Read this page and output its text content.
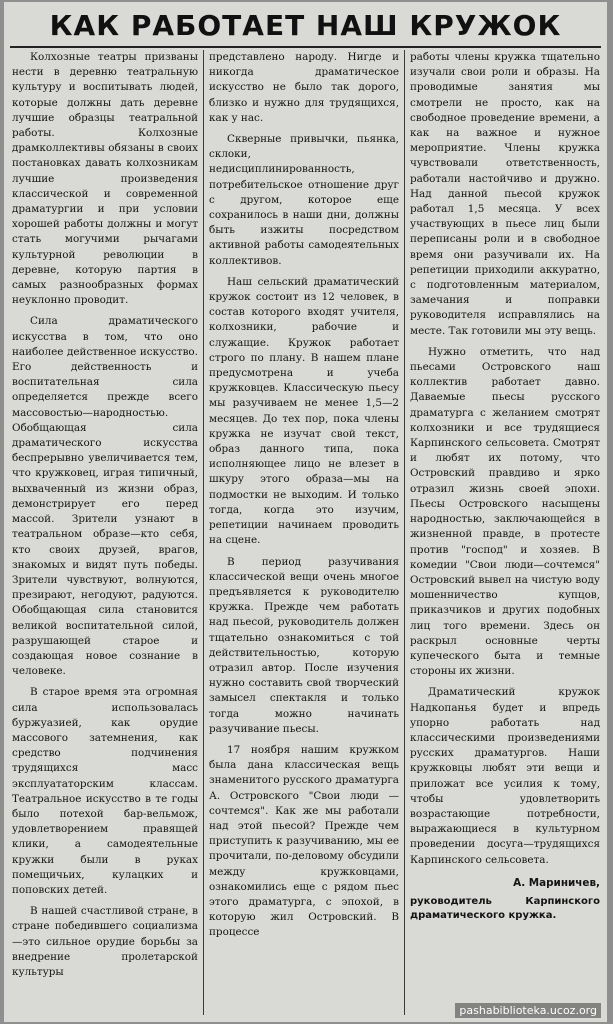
КАК РАБОТАЕТ НАШ КРУЖОК

Колхозные театры призваны нести в деревню театральную культуру и воспитывать людей, которые должны дать деревне лучшие образцы театральной работы. Колхозные драмколлективы обязаны в своих постановках давать колхозникам лучшие произведения классической и современной драматургии и при условии хорошей работы должны и могут стать могучими рычагами культурной революции в деревне, которую партия в самых разнообразных формах неуклонно проводит.

Сила драматического искусства в том, что оно наиболее действенное искусство. Его действенность и воспитательная сила определяется прежде всего массовостью—народностью. Обобщающая сила драматического искусства беспрерывно увеличивается тем, что кружковец, играя типичный, выхваченный из жизни образ, демонстрирует его перед массой. Зрители узнают в театральном образе—кто себя, кто своих друзей, врагов, знакомых и видят путь победы. Зрители чувствуют, волнуются, презирают, негодуют, радуются. Обобщающая сила становится великой воспитательной силой, разрушающей старое и создающая новое сознание в человеке.

В старое время эта огромная сила использовалась буржуазией, как орудие массового затемнения, как средство подчинения трудящихся масс эксплуататорским классам. Театральное искусство в те годы было потехой бар-вельмож, удовлетворением правящей клики, а самодеятельные кружки были в руках помещичьих, кулацких и поповских детей.

В нашей счастливой стране, в стране победившего социализма—это сильное орудие борьбы за внедрение пролетарской культуры

представлено народу. Нигде и никогда драматическое искусство не было так дорого, близко и нужно для трудящихся, как у нас.

Скверные привычки, пьянка, склоки, недисциплинированность, потребительское отношение друг с другом, которое еще сохранилось в наши дни, должны быть изжиты посредством активной работы самодеятельных коллективов.

Наш сельский драматический кружок состоит из 12 человек, в состав которого входят учителя, колхозники, рабочие и служащие. Кружок работает строго по плану. В нашем плане предусмотрена и учеба кружковцев. Классическую пьесу мы разучиваем не менее 1,5—2 месяцев. До тех пор, пока члены кружка не изучат свой текст, образ данного типа, пока исполняющее лицо не влезет в шкуру этого образа—мы на подмостки не выходим. И только тогда, когда это изучим, репетиции начинаем проводить на сцене.

В период разучивания классической вещи очень многое предъявляется к руководителю кружка. Прежде чем работать над пьесой, руководитель должен тщательно ознакомиться с той действительностью, которую отразил автор. После изучения нужно составить свой творческий замысел спектакля и только тогда можно начинать разучивание пьесы.

17 ноября нашим кружком была дана классическая вещь знаменитого русского драматурга А. Островского "Свои люди — сочтемся". Как же мы работали над этой пьесой? Прежде чем приступить к разучиванию, мы ее прочитали, по-деловому обсудили между кружковцами, ознакомились еще с рядом пьес этого драматурга, с эпохой, в которую жил Островский. В процессе

работы члены кружка тщательно изучали свои роли и образы. На проводимые занятия мы смотрели не просто, как на свободное проведение времени, а как на важное и нужное мероприятие. Члены кружка чувствовали ответственность, работали настойчиво и дружно. Над данной пьесой кружок работал 1,5 месяца. У всех участвующих в пьесе лиц были переписаны роли и в свободное время они разучивали их. На репетиции приходили аккуратно, с подготовленным материалом, замечания и поправки руководителя исправлялись на месте. Так готовили мы эту вещь.

Нужно отметить, что над пьесами Островского наш коллектив работает давно. Даваемые пьесы русского драматурга с желанием смотрят колхозники и все трудящиеся Карпинского сельсовета. Смотрят и любят их потому, что Островский правдиво и ярко отразил жизнь своей эпохи. Пьесы Островского насыщены народностью, заключающейся в жизненной правде, в протесте против "господ" и хозяев. В комедии "Свои люди—сочтемся" Островский вывел на чистую воду мошенничество купцов, приказчиков и других подобных лиц того времени. Здесь он раскрыл основные черты купеческого быта и темные стороны их жизни.

Драматический кружок Надкопанья будет и впредь упорно работать над классическими произведениями русских драматургов. Наши кружковцы любят эти вещи и приложат все усилия к тому, чтобы удовлетворить возрастающие потребности, выражающиеся в культурном проведении досуга—трудящихся Карпинского сельсовета.

А. Мариничев,
руководитель Карпинского драматического кружка.
pashabiblioteka.ucoz.org
